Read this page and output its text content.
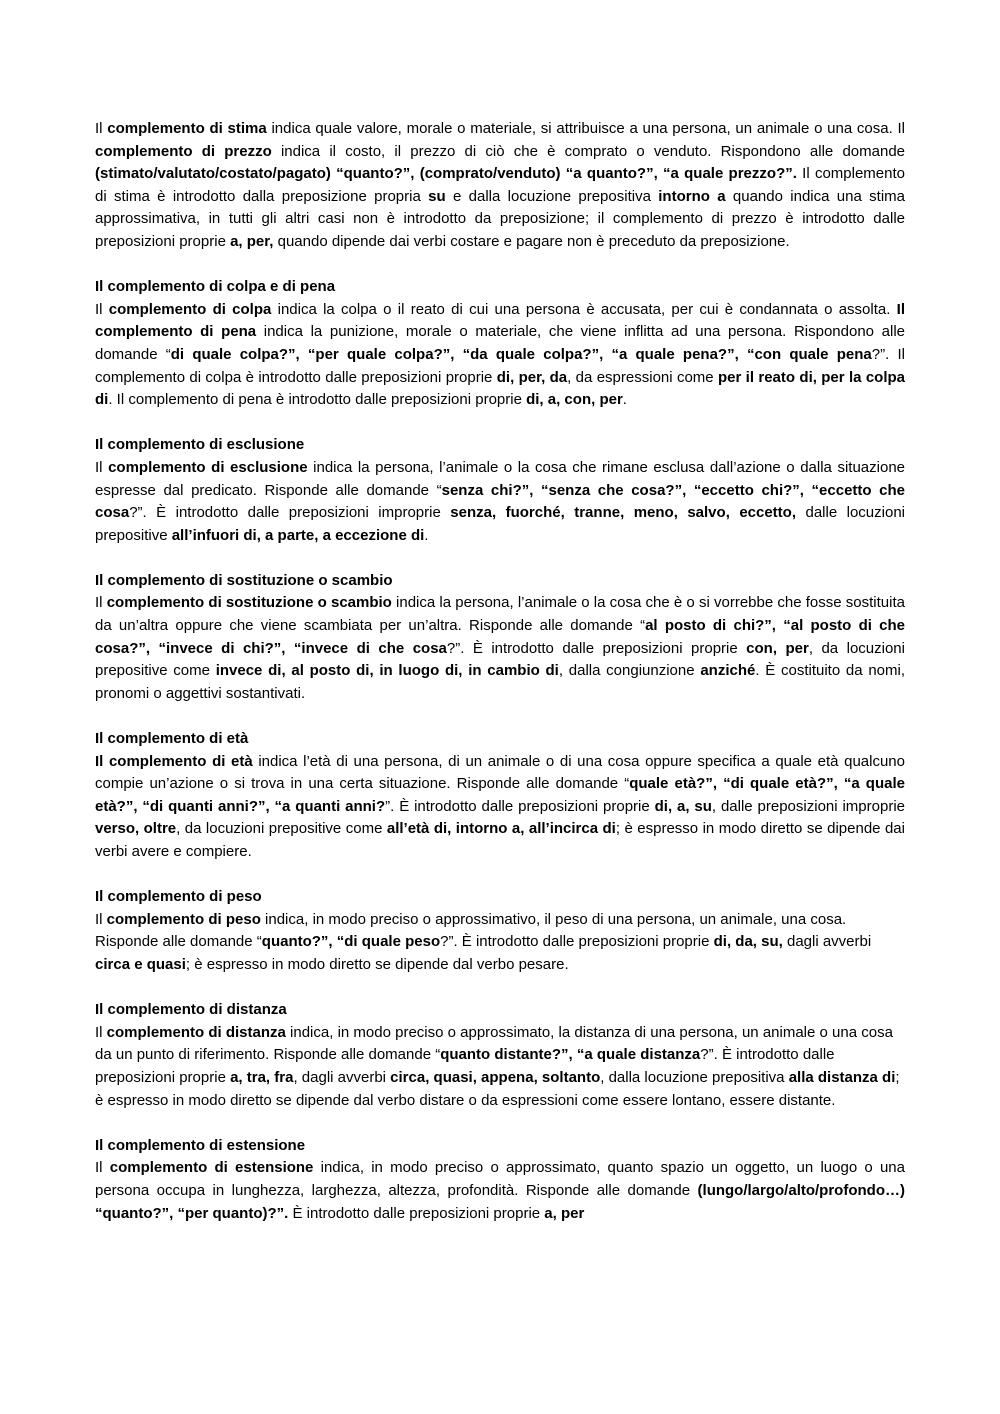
Il complemento di stima indica quale valore, morale o materiale, si attribuisce a una persona, un animale o una cosa. Il complemento di prezzo indica il costo, il prezzo di ciò che è comprato o venduto. Rispondono alle domande (stimato/valutato/costato/pagato) “quanto?”, (comprato/venduto) “a quanto?”, “a quale prezzo?”. Il complemento di stima è introdotto dalla preposizione propria su e dalla locuzione prepositiva intorno a quando indica una stima approssimativa, in tutti gli altri casi non è introdotto da preposizione; il complemento di prezzo è introdotto dalle preposizioni proprie a, per, quando dipende dai verbi costare e pagare non è preceduto da preposizione.

Il complemento di colpa e di pena

Il complemento di colpa indica la colpa o il reato di cui una persona è accusata, per cui è condannata o assolta. Il complemento di pena indica la punizione, morale o materiale, che viene inflitta ad una persona. Rispondono alle domande “di quale colpa?”, “per quale colpa?”, “da quale colpa?”, “a quale pena?”, “con quale pena?”. Il complemento di colpa è introdotto dalle preposizioni proprie di, per, da, da espressioni come per il reato di, per la colpa di. Il complemento di pena è introdotto dalle preposizioni proprie di, a, con, per.

Il complemento di esclusione

Il complemento di esclusione indica la persona, l’animale o la cosa che rimane esclusa dall’azione o dalla situazione espresse dal predicato. Risponde alle domande “senza chi?”, “senza che cosa?”, “eccetto chi?”, “eccetto che cosa?”. È introdotto dalle preposizioni improprie senza, fuorché, tranne, meno, salvo, eccetto, dalle locuzioni prepositive all’infuori di, a parte, a eccezione di.

Il complemento di sostituzione o scambio

Il complemento di sostituzione o scambio indica la persona, l’animale o la cosa che è o si vorrebbe che fosse sostituita da un’altra oppure che viene scambiata per un’altra. Risponde alle domande “al posto di chi?”, “al posto di che cosa?”, “invece di chi?”, “invece di che cosa?”. È introdotto dalle preposizioni proprie con, per, da locuzioni prepositive come invece di, al posto di, in luogo di, in cambio di, dalla congiunzione anziché. È costituito da nomi, pronomi o aggettivi sostantivati.

Il complemento di età

Il complemento di età indica l’età di una persona, di un animale o di una cosa oppure specifica a quale età qualcuno compie un’azione o si trova in una certa situazione. Risponde alle domande “quale età?”, “di quale età?”, “a quale età?”, “di quanti anni?”, “a quanti anni?”. È introdotto dalle preposizioni proprie di, a, su, dalle preposizioni improprie verso, oltre, da locuzioni prepositive come all’età di, intorno a, all’incirca di; è espresso in modo diretto se dipende dai verbi avere e compiere.

Il complemento di peso

Il complemento di peso indica, in modo preciso o approssimativo, il peso di una persona, un animale, una cosa. Risponde alle domande “quanto?”, “di quale peso?”. È introdotto dalle preposizioni proprie di, da, su, dagli avverbi circa e quasi; è espresso in modo diretto se dipende dal verbo pesare.

Il complemento di distanza

Il complemento di distanza indica, in modo preciso o approssimato, la distanza di una persona, un animale o una cosa da un punto di riferimento. Risponde alle domande “quanto distante?”, “a quale distanza?”. È introdotto dalle preposizioni proprie a, tra, fra, dagli avverbi circa, quasi, appena, soltanto, dalla locuzione prepositiva alla distanza di; è espresso in modo diretto se dipende dal verbo distare o da espressioni come essere lontano, essere distante.

Il complemento di estensione

Il complemento di estensione indica, in modo preciso o approssimato, quanto spazio un oggetto, un luogo o una persona occupa in lunghezza, larghezza, altezza, profondità. Risponde alle domande (lungo/largo/alto/profondo…) “quanto?”, “per quanto)?”. È introdotto dalle preposizioni proprie a, per
